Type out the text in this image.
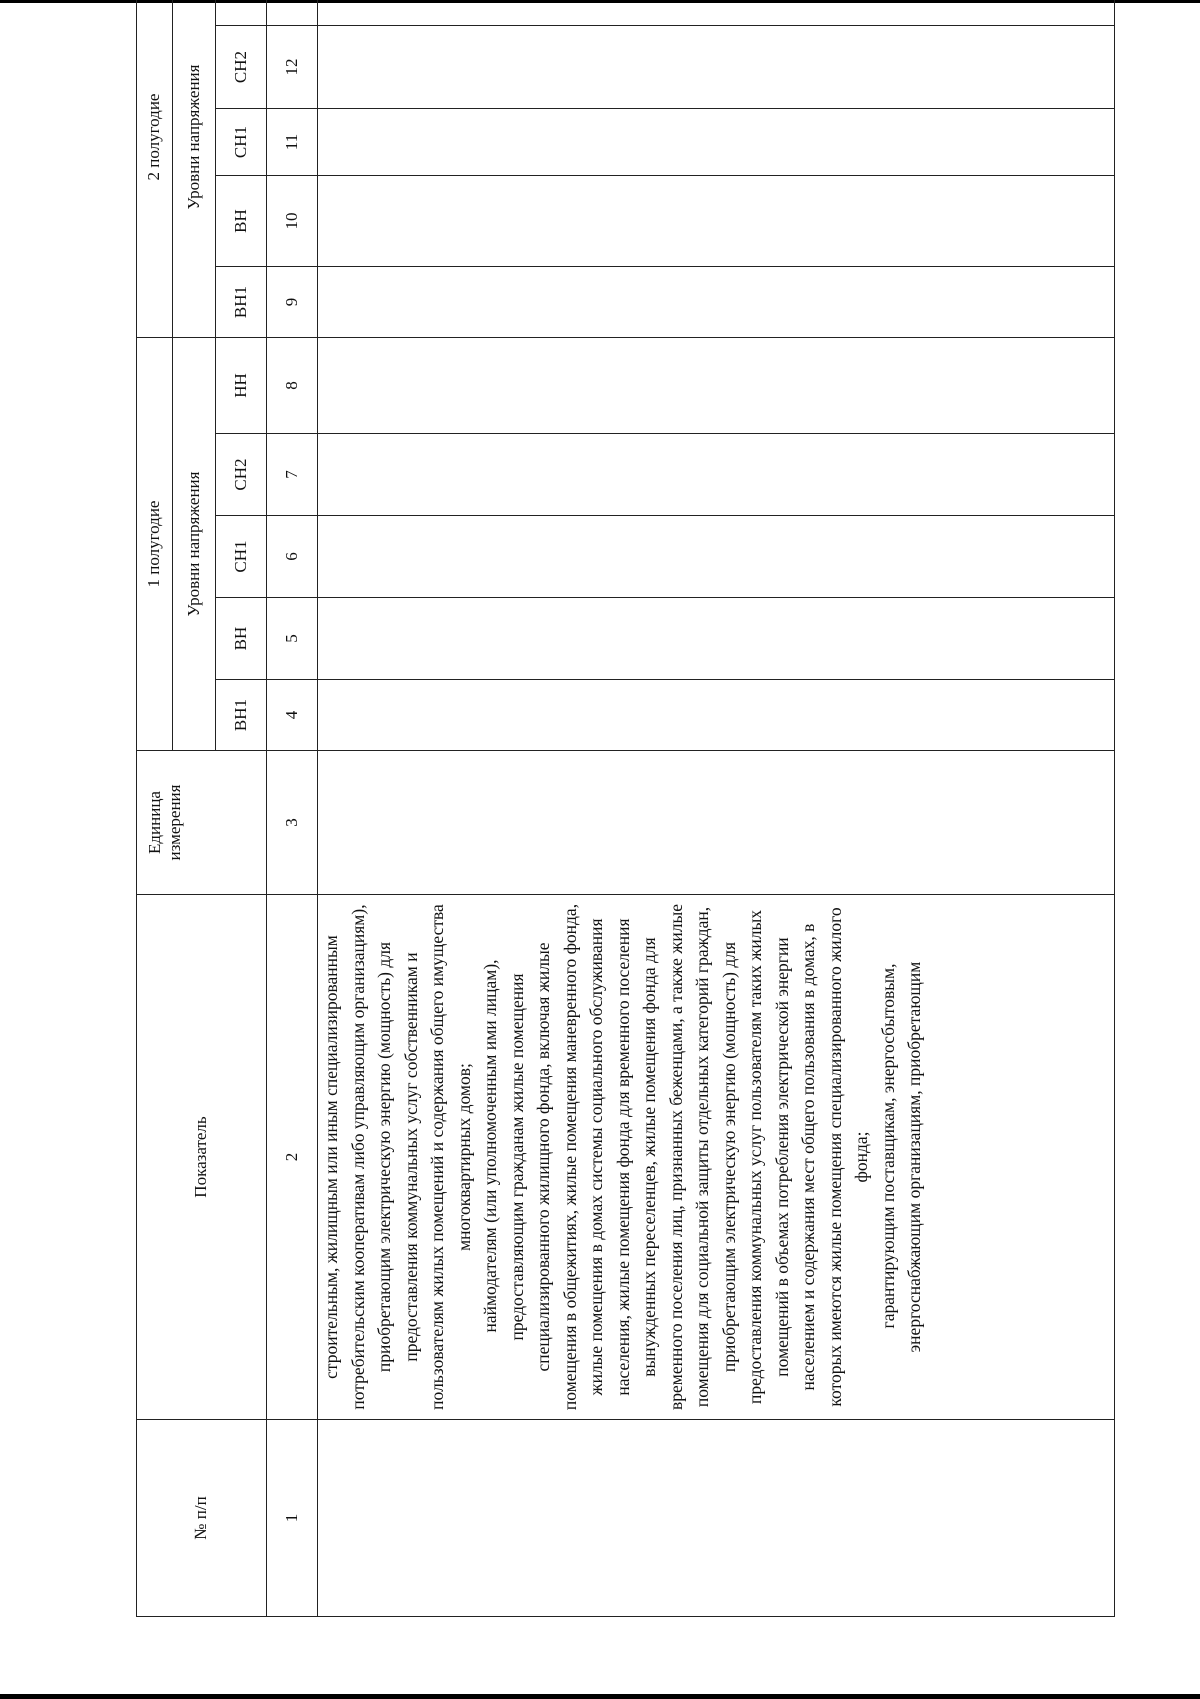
№ п/п	Показатель	Единица измерения	1 полугодие					2 полугодие				
			Уровни напряжения					Уровни напряжения				
			ВН1	ВН	СН1	СН2	НН	ВН1	ВН	СН1	СН2	
1	2	3	4	5	6	7	8	9	10	11	12	

	строительным, жилищным или иным специализированным потребительским кооперативам либо управляющим организациям), приобретающим электрическую энергию (мощность) для предоставления коммунальных услуг собственникам и пользователям жилых помещений и содержания общего имущества многоквартирных домов; наймодателям (или уполномоченным ими лицам), предоставляющим гражданам жилые помещения специализированного жилищного фонда, включая жилые помещения в общежитиях, жилые помещения маневренного фонда, жилые помещения в домах системы социального обслуживания населения, жилые помещения фонда для временного поселения вынужденных переселенцев, жилые помещения фонда для временного поселения лиц, признанных беженцами, а также жилые помещения для социальной защиты отдельных категорий граждан, приобретающим электрическую энергию (мощность) для предоставления коммунальных услуг пользователям таких жилых помещений в объемах потребления электрической энергии населением и содержания мест общего пользования в домах, в которых имеются жилые помещения специализированного жилого фонда; гарантирующим поставщикам, энергосбытовым, энергоснабжающим организациям, приобретающим											
